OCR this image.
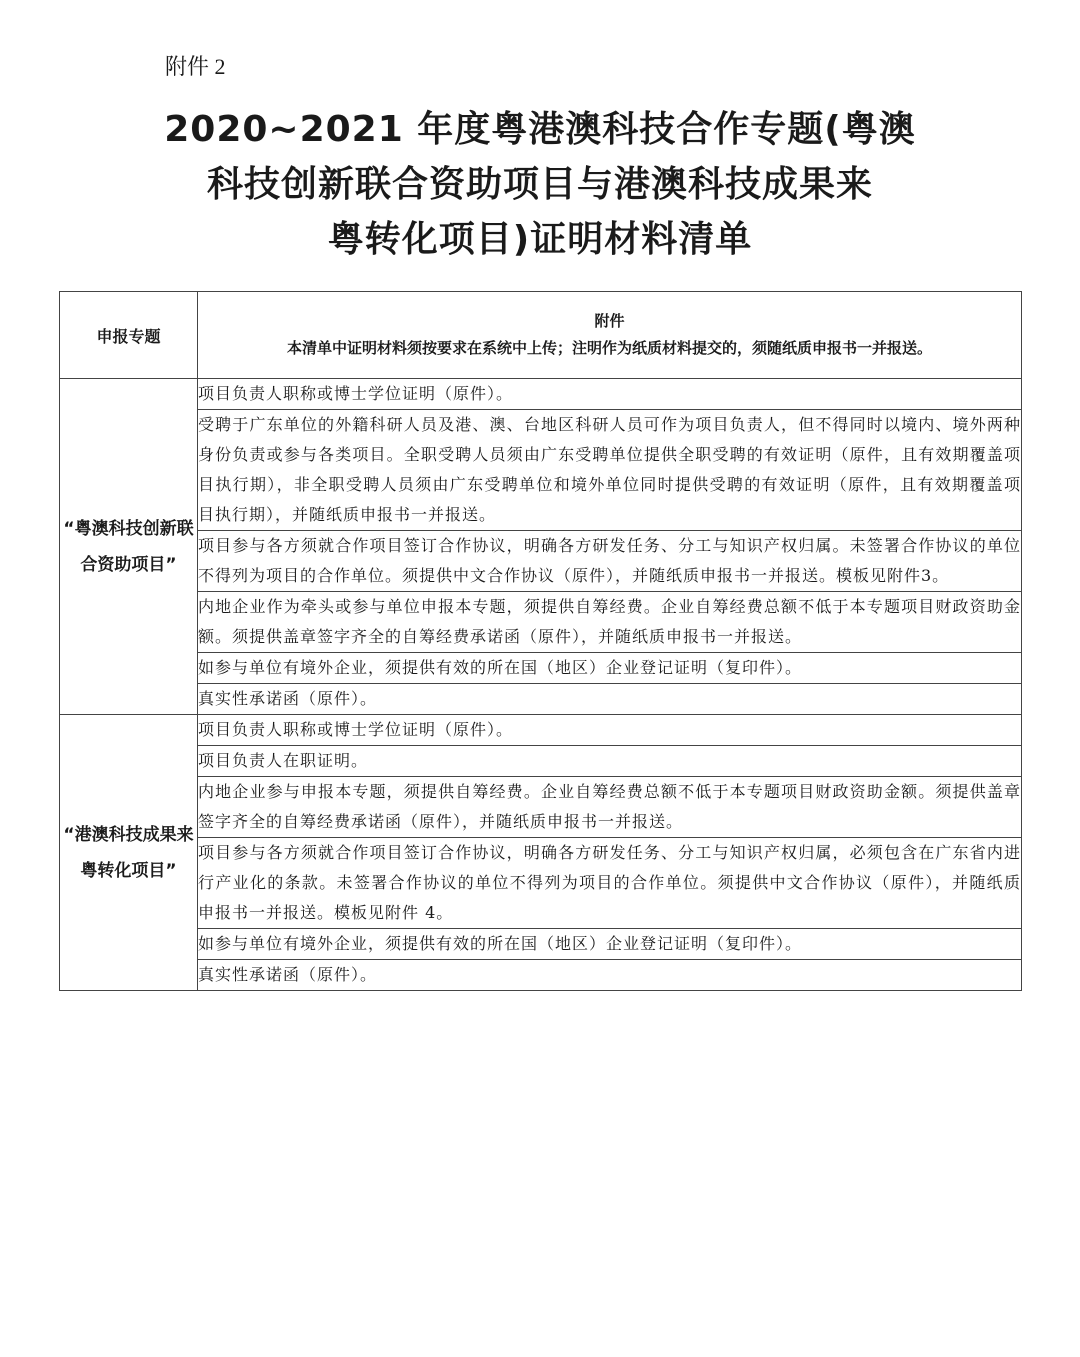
附件 2
2020~2021 年度粤港澳科技合作专题(粤澳
科技创新联合资助项目与港澳科技成果来
粤转化项目)证明材料清单
申报专题	附件
本清单中证明材料须按要求在系统中上传；注明作为纸质材料提交的，须随纸质申报书一并报送。

“粤澳科技创新联合资助项目”	项目负责人职称或博士学位证明（原件）。

	受聘于广东单位的外籍科研人员及港、澳、台地区科研人员可作为项目负责人，但不得同时以境内、境外两种身份负责或参与各类项目。全职受聘人员须由广东受聘单位提供全职受聘的有效证明（原件，且有效期覆盖项目执行期），非全职受聘人员须由广东受聘单位和境外单位同时提供受聘的有效证明（原件，且有效期覆盖项目执行期），并随纸质申报书一并报送。

	项目参与各方须就合作项目签订合作协议，明确各方研发任务、分工与知识产权归属。未签署合作协议的单位不得列为项目的合作单位。须提供中文合作协议（原件），并随纸质申报书一并报送。模板见附件3。

	内地企业作为牵头或参与单位申报本专题，须提供自筹经费。企业自筹经费总额不低于本专题项目财政资助金额。须提供盖章签字齐全的自筹经费承诺函（原件），并随纸质申报书一并报送。

	如参与单位有境外企业，须提供有效的所在国（地区）企业登记证明（复印件）。

	真实性承诺函（原件）。

“港澳科技成果来粤转化项目”	项目负责人职称或博士学位证明（原件）。

	项目负责人在职证明。

	内地企业参与申报本专题，须提供自筹经费。企业自筹经费总额不低于本专题项目财政资助金额。须提供盖章签字齐全的自筹经费承诺函（原件），并随纸质申报书一并报送。

	项目参与各方须就合作项目签订合作协议，明确各方研发任务、分工与知识产权归属，必须包含在广东省内进行产业化的条款。未签署合作协议的单位不得列为项目的合作单位。须提供中文合作协议（原件），并随纸质申报书一并报送。模板见附件 4。

	如参与单位有境外企业，须提供有效的所在国（地区）企业登记证明（复印件）。

	真实性承诺函（原件）。
